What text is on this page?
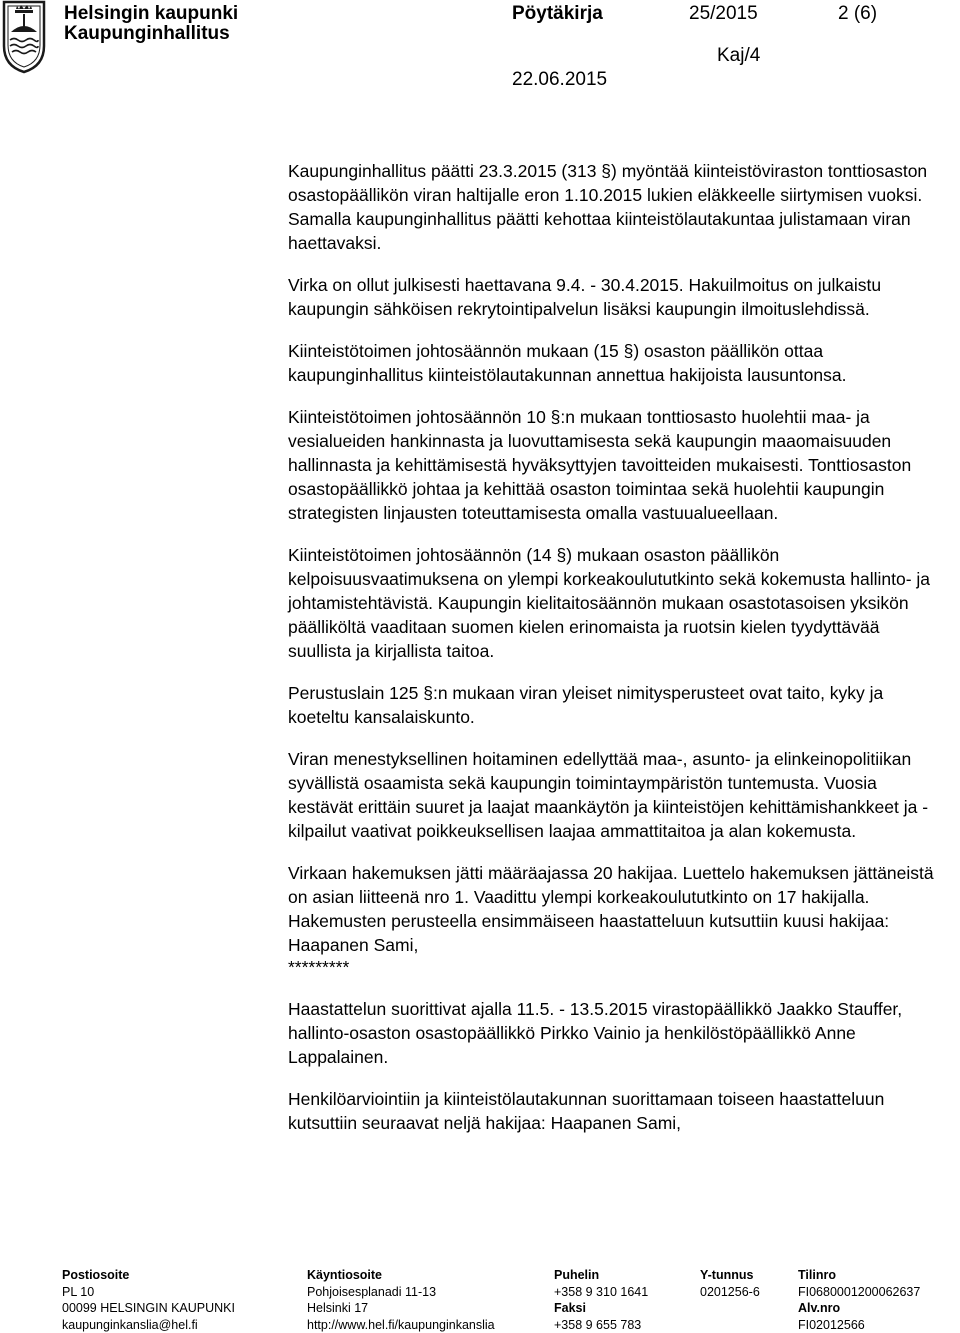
Helsingin kaupunki
Kaupunginhallitus
Pöytäkirja	25/2015	2 (6)
Kaj/4
22.06.2015

Kaupunginhallitus päätti 23.3.2015 (313 §) myöntää kiinteistöviraston tonttiosaston osastopäällikön viran haltijalle eron 1.10.2015 lukien eläkkeelle siirtymisen vuoksi. Samalla kaupunginhallitus päätti kehottaa kiinteistölautakuntaa julistamaan viran haettavaksi.

Virka on ollut julkisesti haettavana 9.4. - 30.4.2015. Hakuilmoitus on julkaistu kaupungin sähköisen rekrytointipalvelun lisäksi kaupungin ilmoituslehdissä.

Kiinteistötoimen johtosäännön mukaan (15 §) osaston päällikön ottaa kaupunginhallitus kiinteistölautakunnan annettua hakijoista lausuntonsa.

Kiinteistötoimen johtosäännön 10 §:n mukaan tonttiosasto huolehtii maa- ja vesialueiden hankinnasta ja luovuttamisesta sekä kaupungin maaomaisuuden hallinnasta ja kehittämisestä hyväksyttyjen tavoitteiden mukaisesti. Tonttiosaston osastopäällikkö johtaa ja kehittää osaston toimintaa sekä huolehtii kaupungin strategisten linjausten toteuttamisesta omalla vastuualueellaan.

Kiinteistötoimen johtosäännön (14 §) mukaan osaston päällikön kelpoisuusvaatimuksena on ylempi korkeakoulututkinto sekä kokemusta hallinto- ja johtamistehtävistä. Kaupungin kielitaitosäännön mukaan osastotasoisen yksikön päälliköltä vaaditaan suomen kielen erinomaista ja ruotsin kielen tyydyttävää suullista ja kirjallista taitoa.

Perustuslain 125 §:n mukaan viran yleiset nimitysperusteet ovat taito, kyky ja koeteltu kansalaiskunto.

Viran menestyksellinen hoitaminen edellyttää maa-, asunto- ja elinkeinopolitiikan syvällistä osaamista sekä kaupungin toimintaympäristön tuntemusta. Vuosia kestävät erittäin suuret ja laajat maankäytön ja kiinteistöjen kehittämishankkeet ja -kilpailut vaativat poikkeuksellisen laajaa ammattitaitoa ja alan kokemusta.

Virkaan hakemuksen jätti määräajassa 20 hakijaa. Luettelo hakemuksen jättäneistä on asian liitteenä nro 1. Vaadittu ylempi korkeakoulututkinto on 17 hakijalla. Hakemusten perusteella ensimmäiseen haastatteluun kutsuttiin kuusi hakijaa: Haapanen Sami,

*********

Haastattelun suorittivat ajalla 11.5. - 13.5.2015 virastopäällikkö Jaakko Stauffer, hallinto-osaston osastopäällikkö Pirkko Vainio ja henkilöstöpäällikkö Anne Lappalainen.

Henkilöarviointiin ja kiinteistölautakunnan suorittamaan toiseen haastatteluun kutsuttiin seuraavat neljä hakijaa: Haapanen Sami,

Postiosoite
PL 10
00099 HELSINGIN KAUPUNKI
kaupunginkanslia@hel.fi
Käyntiosoite
Pohjoisesplanadi 11-13
Helsinki 17
http://www.hel.fi/kaupunginkanslia
Puhelin
+358 9 310 1641
Faksi
+358 9 655 783
Y-tunnus
0201256-6
Tilinro
FI0680001200062637
Alv.nro
FI02012566
